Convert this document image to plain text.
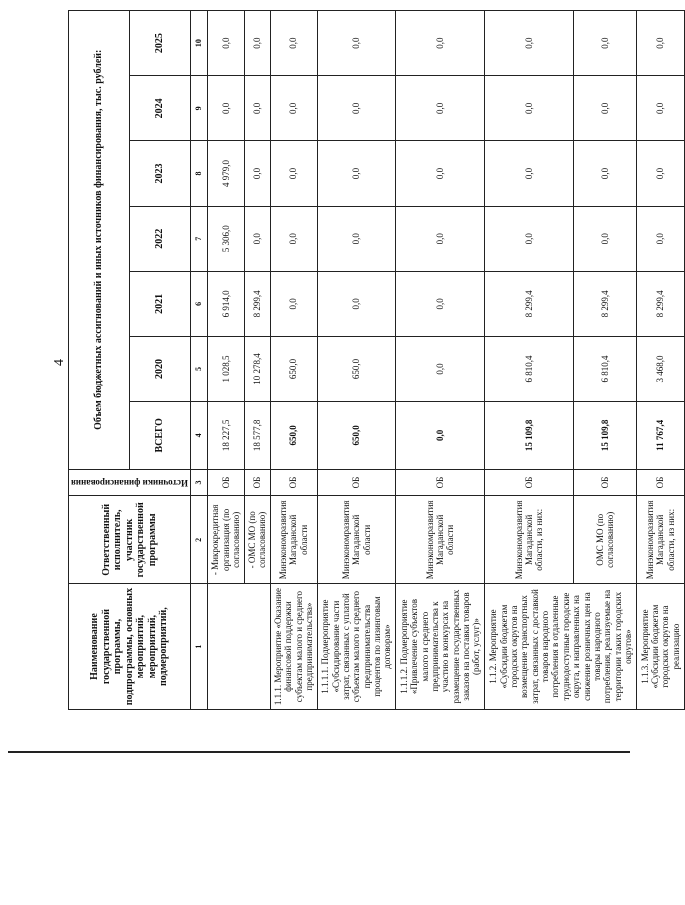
4
Наименование государственной программы, подпрограммы, основных мероприятий, мероприятий, подмероприятий,	Ответственный исполнитель, участник государственной программы	Источники финансирования	Объем бюджетных ассигнований и иных источников финансирования, тыс. рублей:						
			ВСЕГО	2020	2021	2022	2023	2024	2025
1	2	3	4	5	6	7	8	9	10
	- Микрокредитная организация (по согласованию)	ОБ	18 227,5	1 028,5	6 914,0	5 306,0	4 979,0	0,0	0,0
	- ОМС МО (по согласованию)	ОБ	18 577,8	10 278,4	8 299,4	0,0	0,0	0,0	0,0
1.1.1. Мероприятие «Оказание финансовой поддержки субъектам малого и среднего предпринимательства»	Минэкономразвития Магаданской области	ОБ	650,0	650,0	0,0	0,0	0,0	0,0	0,0
1.1.1.1. Подмероприятие «Субсидирование части затрат, связанных с уплатой субъектам малого и среднего предпринимательства процентов по лизинговым договорам»	Минэкономразвития Магаданской области	ОБ	650,0	650,0	0,0	0,0	0,0	0,0	0,0
1.1.1.2. Подмероприятие «Привлечение субъектов малого и среднего предпринимательства к участию в конкурсах на размещение государственных заказов на поставки товаров (работ, услуг)»	Минэкономразвития Магаданской области	ОБ	0,0	0,0	0,0	0,0	0,0	0,0	0,0
1.1.2. Мероприятие «Субсидии бюджетам городских округов на возмещение транспортных затрат, связанных с доставкой товаров народного потребления в отдаленные труднодоступные городские округа, и направленных на снижение розничных цен на товары народного потребления, реализуемые на территории таких городских округов»	Минэкономразвития Магаданской области, из них:	ОБ	15 109,8	6 810,4	8 299,4	0,0	0,0	0,0	0,0
	ОМС МО (по согласованию)	ОБ	15 109,8	6 810,4	8 299,4	0,0	0,0	0,0	0,0
1.1.3. Мероприятие «Субсидии бюджетам городских округов на реализацию	Минэкономразвития Магаданской области, из них:	ОБ	11 767,4	3 468,0	8 299,4	0,0	0,0	0,0	0,0
